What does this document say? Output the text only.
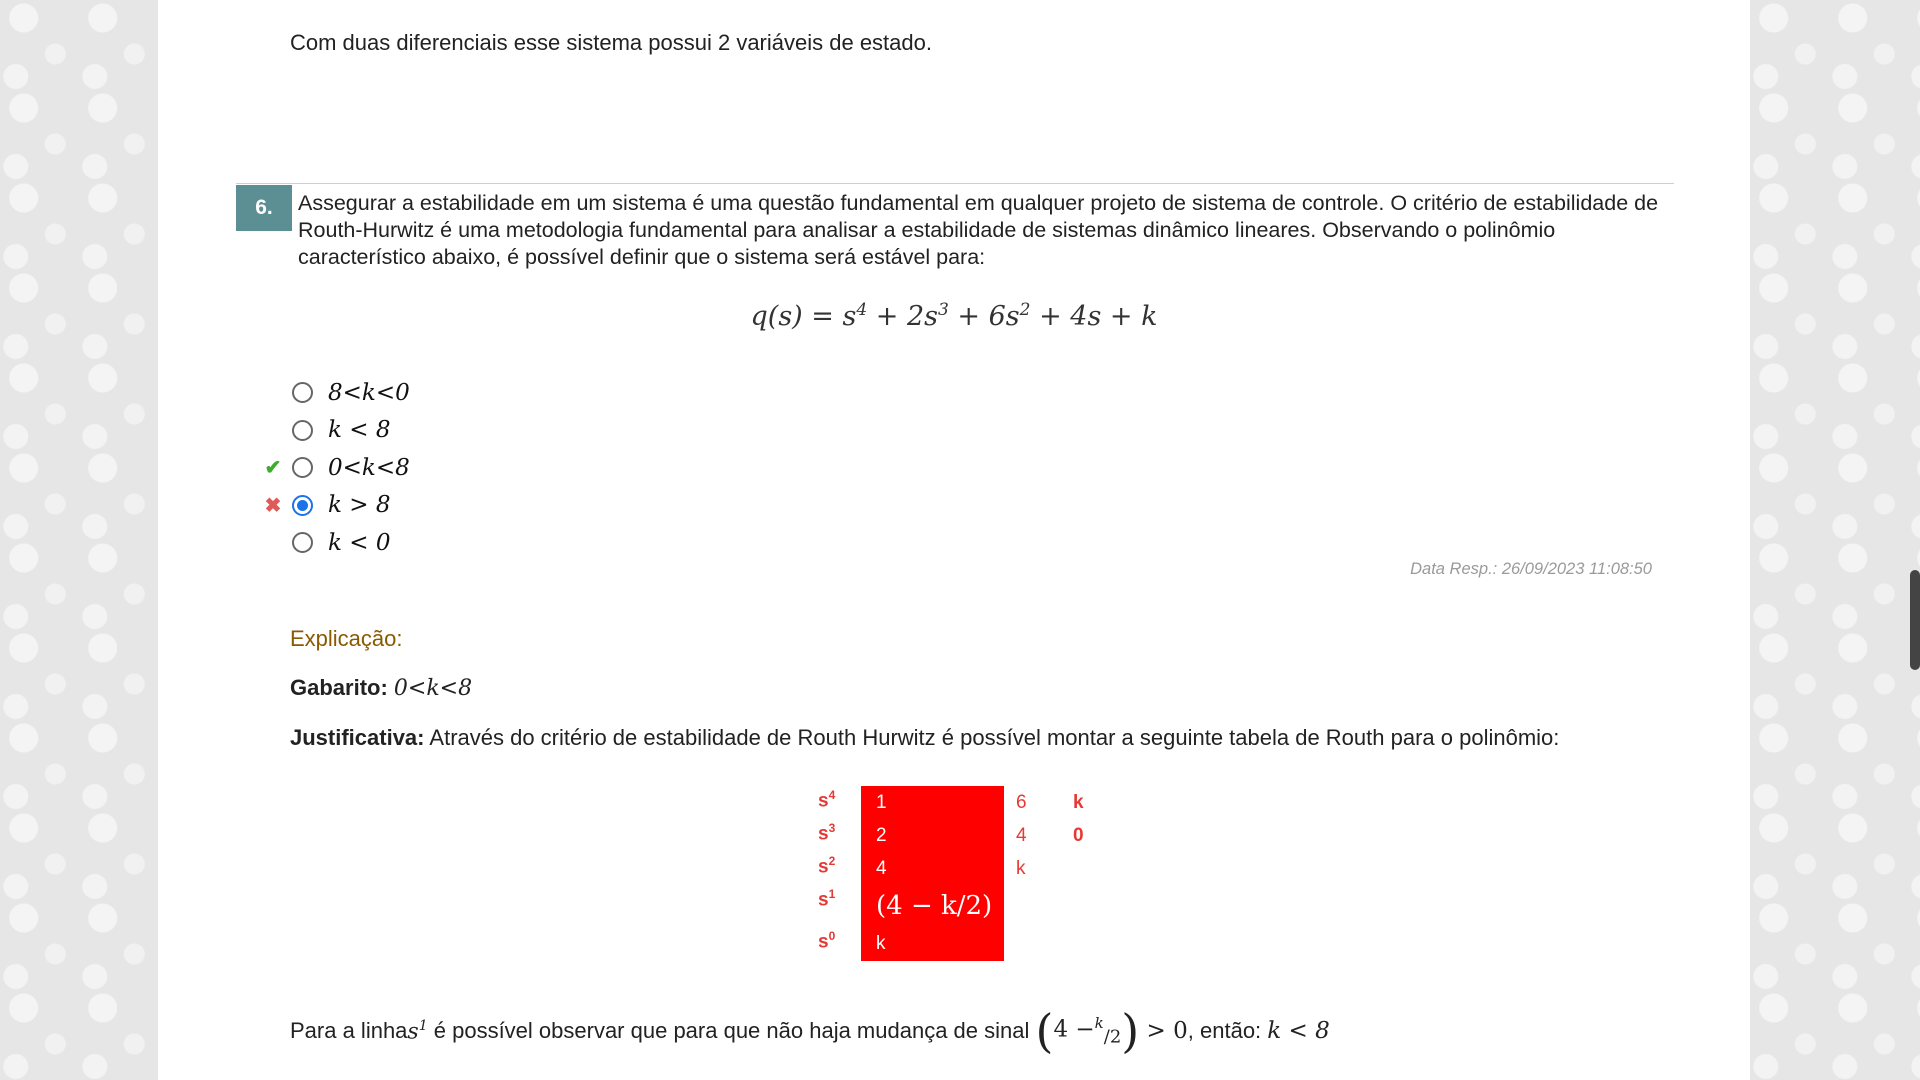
Com duas diferenciais esse sistema possui 2 variáveis de estado.
6.	Assegurar a estabilidade em um sistema é uma questão fundamental em qualquer projeto de sistema de controle. O critério de estabilidade de Routh-Hurwitz é uma metodologia fundamental para analisar a estabilidade de sistemas dinâmico lineares. Observando o polinômio característico abaixo, é possível definir que o sistema será estável para:
$q(s) = s^4 + 2s^3 + 6s^2 + 4s + k$
8<k<0
k < 8
✔ 0<k<8
✖ k > 8
k < 0
Data Resp.: 26/09/2023 11:08:50
Explicação:
Gabarito: 0<k<8
Justificativa: Através do critério de estabilidade de Routh Hurwitz é possível montar a seguinte tabela de Routh para o polinômio:
$s^4$
$s^3$
$s^2$
$s^1$
$s^0$
1
2
4
(4 − k/2)
k
6
4
k
k
0
Para a linha $s^1$ é possível observar que para que não haja mudança de sinal ( 4 −$^k_{/2}$ ) > 0 , então: k < 8
